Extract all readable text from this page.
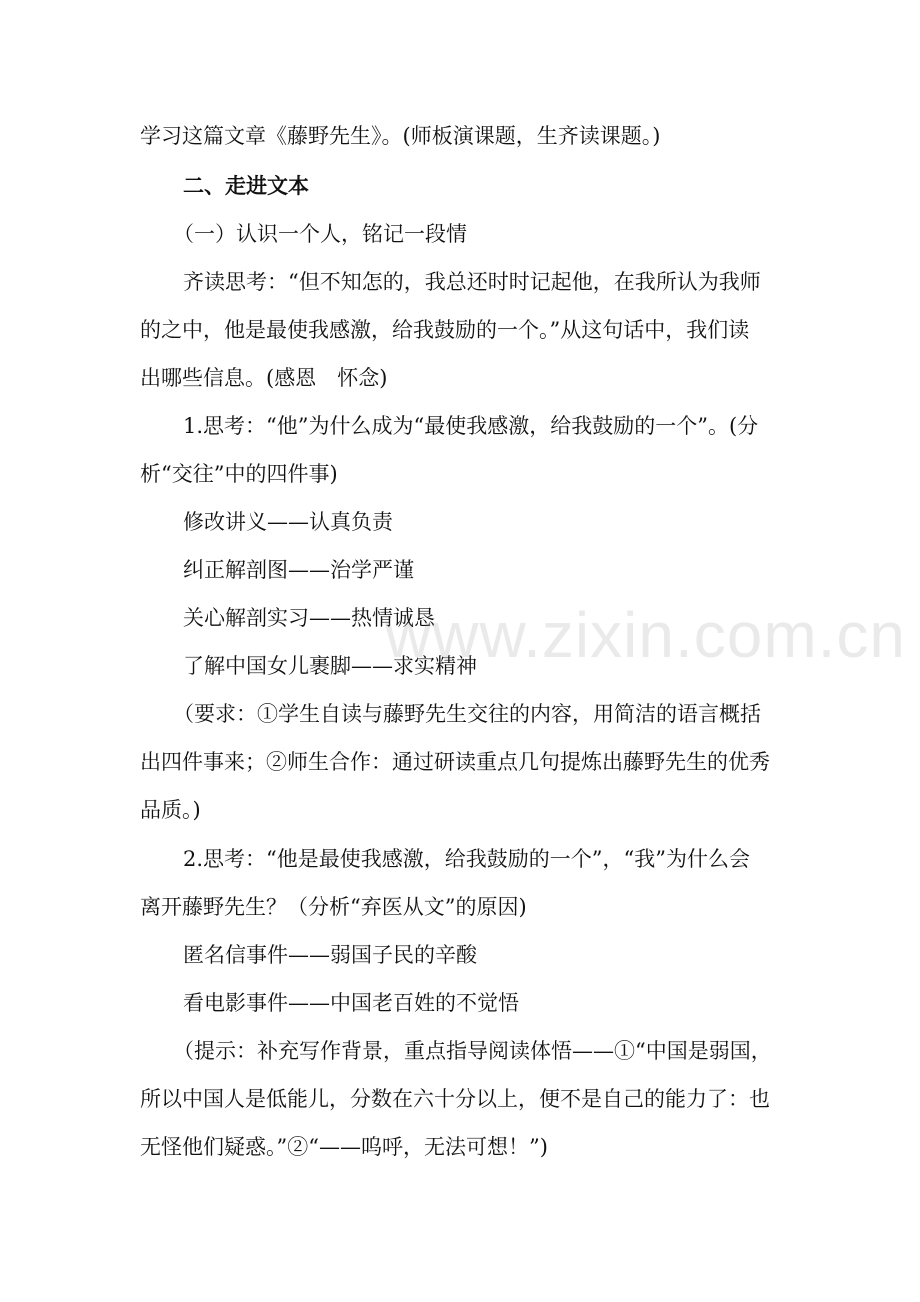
学习这篇文章《藤野先生》。(师板演课题，生齐读课题。)
二、走进文本
（一）认识一个人，铭记一段情
齐读思考：“但不知怎的，我总还时时记起他，在我所认为我师
的之中，他是最使我感激，给我鼓励的一个。”从这句话中，我们读
出哪些信息。(感恩　怀念)
1.思考：“他”为什么成为“最使我感激，给我鼓励的一个”。(分
析“交往”中的四件事)
修改讲义——认真负责
纠正解剖图——治学严谨
关心解剖实习——热情诚恳
了解中国女儿裹脚——求实精神
（要求：①学生自读与藤野先生交往的内容，用简洁的语言概括
出四件事来；②师生合作：通过研读重点几句提炼出藤野先生的优秀
品质。)
2.思考：“他是最使我感激，给我鼓励的一个”，“我”为什么会
离开藤野先生？（分析“弃医从文”的原因)
匿名信事件——弱国子民的辛酸
看电影事件——中国老百姓的不觉悟
（提示：补充写作背景，重点指导阅读体悟——①“中国是弱国，
所以中国人是低能儿，分数在六十分以上，便不是自己的能力了：也
无怪他们疑惑。”②“——呜呼，无法可想！”)
www.zixin.com.cn
